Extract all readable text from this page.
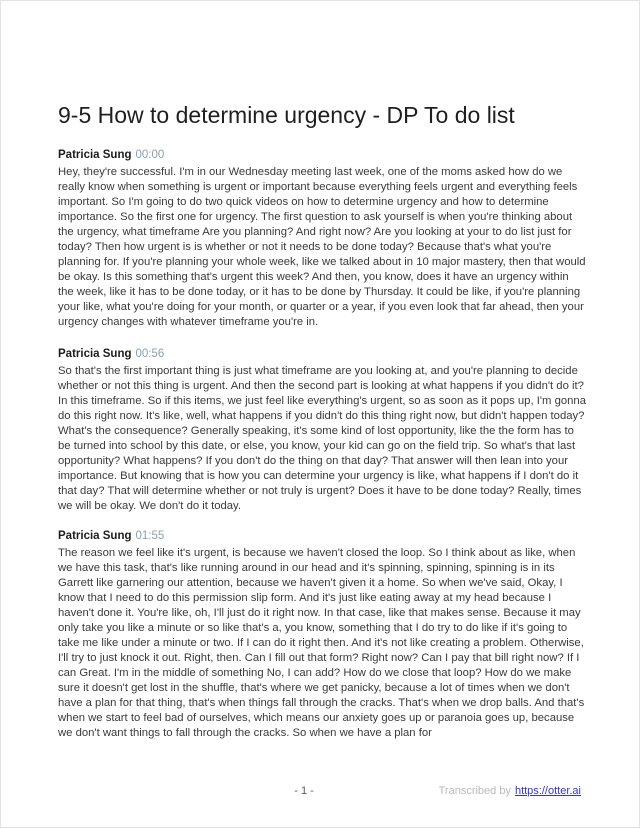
9-5 How to determine urgency - DP To do list
Patricia Sung 00:00
Hey, they're successful. I'm in our Wednesday meeting last week, one of the moms asked how do we really know when something is urgent or important because everything feels urgent and everything feels important. So I'm going to do two quick videos on how to determine urgency and how to determine importance. So the first one for urgency. The first question to ask yourself is when you're thinking about the urgency, what timeframe Are you planning? And right now? Are you looking at your to do list just for today? Then how urgent is is whether or not it needs to be done today? Because that's what you're planning for. If you're planning your whole week, like we talked about in 10 major mastery, then that would be okay. Is this something that's urgent this week? And then, you know, does it have an urgency within the week, like it has to be done today, or it has to be done by Thursday. It could be like, if you're planning your like, what you're doing for your month, or quarter or a year, if you even look that far ahead, then your urgency changes with whatever timeframe you're in.
Patricia Sung 00:56
So that's the first important thing is just what timeframe are you looking at, and you're planning to decide whether or not this thing is urgent. And then the second part is looking at what happens if you didn't do it? In this timeframe. So if this items, we just feel like everything's urgent, so as soon as it pops up, I'm gonna do this right now. It's like, well, what happens if you didn't do this thing right now, but didn't happen today? What's the consequence? Generally speaking, it's some kind of lost opportunity, like the the form has to be turned into school by this date, or else, you know, your kid can go on the field trip. So what's that last opportunity? What happens? If you don't do the thing on that day? That answer will then lean into your importance. But knowing that is how you can determine your urgency is like, what happens if I don't do it that day? That will determine whether or not truly is urgent? Does it have to be done today? Really, times we will be okay. We don't do it today.
Patricia Sung 01:55
The reason we feel like it's urgent, is because we haven't closed the loop. So I think about as like, when we have this task, that's like running around in our head and it's spinning, spinning, spinning is in its Garrett like garnering our attention, because we haven't given it a home. So when we've said, Okay, I know that I need to do this permission slip form. And it's just like eating away at my head because I haven't done it. You're like, oh, I'll just do it right now. In that case, like that makes sense. Because it may only take you like a minute or so like that's a, you know, something that I do try to do like if it's going to take me like under a minute or two. If I can do it right then. And it's not like creating a problem. Otherwise, I'll try to just knock it out. Right, then. Can I fill out that form? Right now? Can I pay that bill right now? If I can Great. I'm in the middle of something No, I can add? How do we close that loop? How do we make sure it doesn't get lost in the shuffle, that's where we get panicky, because a lot of times when we don't have a plan for that thing, that's when things fall through the cracks. That's when we drop balls. And that's when we start to feel bad of ourselves, which means our anxiety goes up or paranoia goes up, because we don't want things to fall through the cracks. So when we have a plan for
- 1 -	Transcribed by https://otter.ai
